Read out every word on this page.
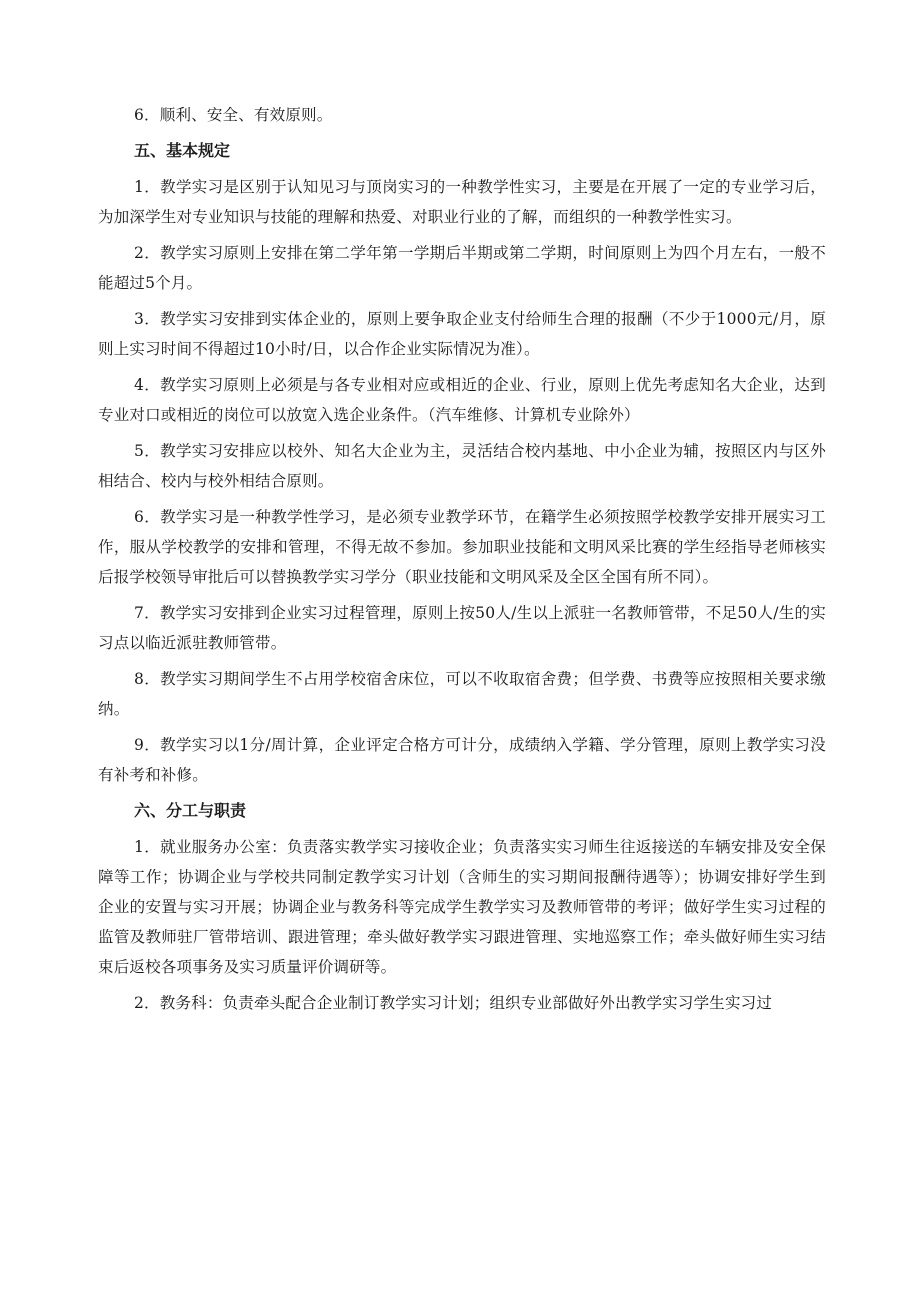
6．顺利、安全、有效原则。

五、基本规定

1．教学实习是区别于认知见习与顶岗实习的一种教学性实习，主要是在开展了一定的专业学习后，为加深学生对专业知识与技能的理解和热爱、对职业行业的了解，而组织的一种教学性实习。

2．教学实习原则上安排在第二学年第一学期后半期或第二学期，时间原则上为四个月左右，一般不能超过5个月。

3．教学实习安排到实体企业的，原则上要争取企业支付给师生合理的报酬（不少于1000元/月，原则上实习时间不得超过10小时/日，以合作企业实际情况为准）。

4．教学实习原则上必须是与各专业相对应或相近的企业、行业，原则上优先考虑知名大企业，达到专业对口或相近的岗位可以放宽入选企业条件。（汽车维修、计算机专业除外）

5．教学实习安排应以校外、知名大企业为主，灵活结合校内基地、中小企业为辅，按照区内与区外相结合、校内与校外相结合原则。

6．教学实习是一种教学性学习，是必须专业教学环节，在籍学生必须按照学校教学安排开展实习工作，服从学校教学的安排和管理，不得无故不参加。参加职业技能和文明风采比赛的学生经指导老师核实后报学校领导审批后可以替换教学实习学分（职业技能和文明风采及全区全国有所不同）。

7．教学实习安排到企业实习过程管理，原则上按50人/生以上派驻一名教师管带，不足50人/生的实习点以临近派驻教师管带。

8．教学实习期间学生不占用学校宿舍床位，可以不收取宿舍费；但学费、书费等应按照相关要求缴纳。

9．教学实习以1分/周计算，企业评定合格方可计分，成绩纳入学籍、学分管理，原则上教学实习没有补考和补修。

六、分工与职责

1．就业服务办公室：负责落实教学实习接收企业；负责落实实习师生往返接送的车辆安排及安全保障等工作；协调企业与学校共同制定教学实习计划（含师生的实习期间报酬待遇等）；协调安排好学生到企业的安置与实习开展；协调企业与教务科等完成学生教学实习及教师管带的考评；做好学生实习过程的监管及教师驻厂管带培训、跟进管理；牵头做好教学实习跟进管理、实地巡察工作；牵头做好师生实习结束后返校各项事务及实习质量评价调研等。

2．教务科：负责牵头配合企业制订教学实习计划；组织专业部做好外出教学实习学生实习过
